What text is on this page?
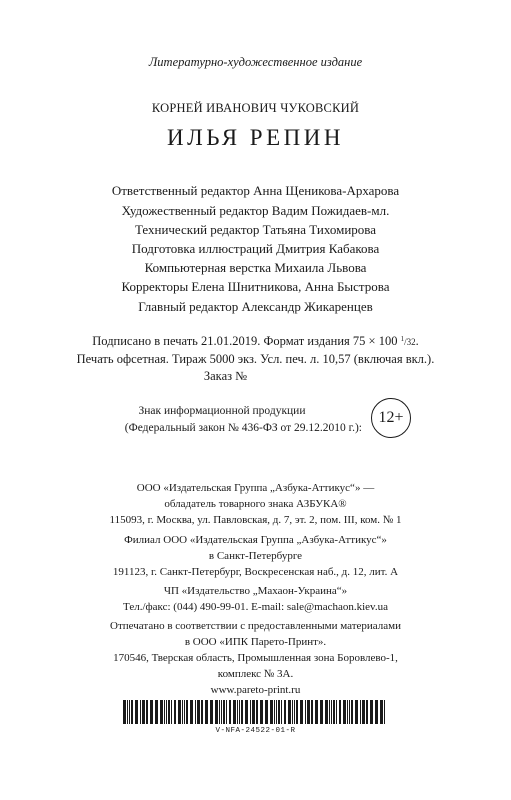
Литературно-художественное издание
КОРНЕЙ ИВАНОВИЧ ЧУКОВСКИЙ
ИЛЬЯ РЕПИН
Ответственный редактор Анна Щеникова-Архарова
Художественный редактор Вадим Пожидаев-мл.
Технический редактор Татьяна Тихомирова
Подготовка иллюстраций Дмитрия Кабакова
Компьютерная верстка Михаила Львова
Корректоры Елена Шнитникова, Анна Быстрова
Главный редактор Александр Жикаренцев
Подписано в печать 21.01.2019. Формат издания 75 × 100 $^1$/32.
Печать офсетная. Тираж 5000 экз. Усл. печ. л. 10,57 (включая вкл.).
Заказ №
Знак информационной продукции
(Федеральный закон № 436-ФЗ от 29.12.2010 г.):
12+
ООО «Издательская Группа „Азбука-Аттикус“» —
обладатель товарного знака АЗБУКА®
115093, г. Москва, ул. Павловская, д. 7, эт. 2, пом. III, ком. № 1
Филиал ООО «Издательская Группа „Азбука-Аттикус“»
в Санкт-Петербурге
191123, г. Санкт-Петербург, Воскресенская наб., д. 12, лит. А
ЧП «Издательство „Махаон-Украина“»
Тел./факс: (044) 490-99-01. E-mail: sale@machaon.kiev.ua
Отпечатано в соответствии с предоставленными материалами
в ООО «ИПК Парето-Принт».
170546, Тверская область, Промышленная зона Боровлево-1,
комплекс № 3А.
www.pareto-print.ru
V-NFA-24522-01-R
